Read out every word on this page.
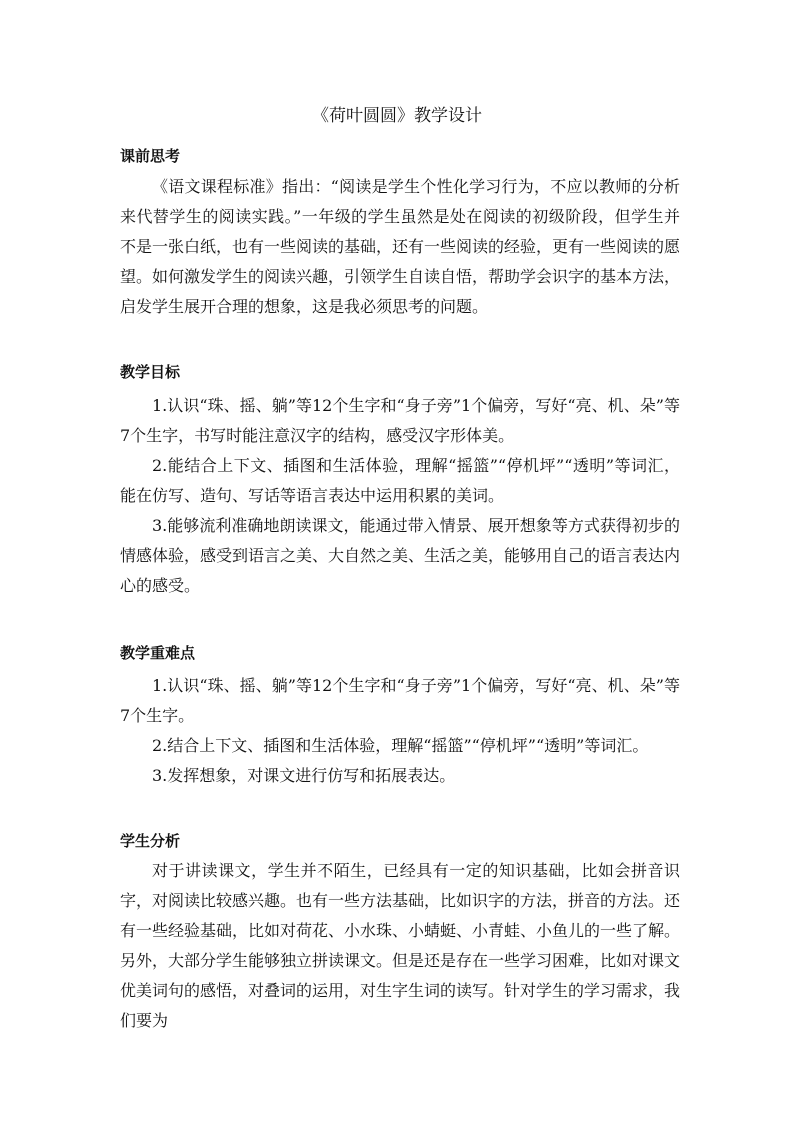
《荷叶圆圆》教学设计
课前思考

《语文课程标准》指出：“阅读是学生个性化学习行为，不应以教师的分析来代替学生的阅读实践。”一年级的学生虽然是处在阅读的初级阶段，但学生并不是一张白纸，也有一些阅读的基础，还有一些阅读的经验，更有一些阅读的愿望。如何激发学生的阅读兴趣，引领学生自读自悟，帮助学会识字的基本方法，启发学生展开合理的想象，这是我必须思考的问题。

教学目标

1.认识“珠、摇、躺”等12个生字和“身子旁”1个偏旁，写好“亮、机、朵”等7个生字，书写时能注意汉字的结构，感受汉字形体美。

2.能结合上下文、插图和生活体验，理解“摇篮”“停机坪”“透明”等词汇，能在仿写、造句、写话等语言表达中运用积累的美词。

3.能够流利准确地朗读课文，能通过带入情景、展开想象等方式获得初步的情感体验，感受到语言之美、大自然之美、生活之美，能够用自己的语言表达内心的感受。

教学重难点

1.认识“珠、摇、躺”等12个生字和“身子旁”1个偏旁，写好“亮、机、朵”等7个生字。

2.结合上下文、插图和生活体验，理解“摇篮”“停机坪”“透明”等词汇。

3.发挥想象，对课文进行仿写和拓展表达。

学生分析

对于讲读课文，学生并不陌生，已经具有一定的知识基础，比如会拼音识字，对阅读比较感兴趣。也有一些方法基础，比如识字的方法，拼音的方法。还有一些经验基础，比如对荷花、小水珠、小蜻蜓、小青蛙、小鱼儿的一些了解。另外，大部分学生能够独立拼读课文。但是还是存在一些学习困难，比如对课文优美词句的感悟，对叠词的运用，对生字生词的读写。针对学生的学习需求，我们要为
